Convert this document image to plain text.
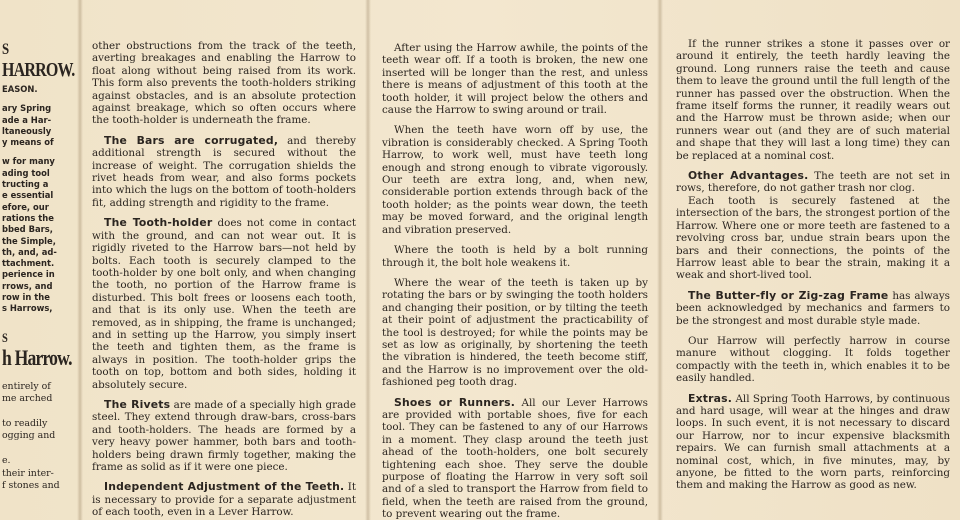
S
HARROW.
EASON.
ary Spring
ade a Har-
ltaneously
y means of
w for many
ading tool
tructing a
e essential
efore, our
rations the
bbed Bars,
the Simple,
th, and, ad-
ttachment.
perience in
rrows, and
row in the
s Harrows,
S
h Harrow.
entirely of
me arched
to readily
ogging and
e.
their inter-
f stones and

other obstructions from the track of the teeth, averting breakages and enabling the Harrow to float along without being raised from its work. This form also prevents the tooth-holders striking against obstacles, and is an absolute protection against breakage, which so often occurs where the tooth-holder is underneath the frame.

The Bars are corrugated, and thereby additional strength is secured without the increase of weight. The corrugation shields the rivet heads from wear, and also forms pockets into which the lugs on the bottom of tooth-holders fit, adding strength and rigidity to the frame.

The Tooth-holder does not come in contact with the ground, and can not wear out. It is rigidly riveted to the Harrow bars—not held by bolts. Each tooth is securely clamped to the tooth-holder by one bolt only, and when changing the tooth, no portion of the Harrow frame is disturbed. This bolt frees or loosens each tooth, and that is its only use. When the teeth are removed, as in shipping, the frame is unchanged; and in setting up the Harrow, you simply insert the teeth and tighten them, as the frame is always in position. The tooth-holder grips the tooth on top, bottom and both sides, holding it absolutely secure.

The Rivets are made of a specially high grade steel. They extend through draw-bars, cross-bars and tooth-holders. The heads are formed by a very heavy power hammer, both bars and tooth-holders being drawn firmly together, making the frame as solid as if it were one piece.

Independent Adjustment of the Teeth. It is necessary to provide for a separate adjustment of each tooth, even in a Lever Harrow.

After using the Harrow awhile, the points of the teeth wear off. If a tooth is broken, the new one inserted will be longer than the rest, and unless there is means of adjustment of this tooth at the tooth holder, it will project below the others and cause the Harrow to swing around or trail.

When the teeth have worn off by use, the vibration is considerably checked. A Spring Tooth Harrow, to work well, must have teeth long enough and strong enough to vibrate vigorously. Our teeth are extra long, and, when new, considerable portion extends through back of the tooth holder; as the points wear down, the teeth may be moved forward, and the original length and vibration preserved.

Where the tooth is held by a bolt running through it, the bolt hole weakens it.

Where the wear of the teeth is taken up by rotating the bars or by swinging the tooth holders and changing their position, or by tilting the teeth at their point of adjustment the practicability of the tool is destroyed; for while the points may be set as low as originally, by shortening the teeth the vibration is hindered, the teeth become stiff, and the Harrow is no improvement over the old-fashioned peg tooth drag.

Shoes or Runners. All our Lever Harrows are provided with portable shoes, five for each tool. They can be fastened to any of our Harrows in a moment. They clasp around the teeth just ahead of the tooth-holders, one bolt securely tightening each shoe. They serve the double purpose of floating the Harrow in very soft soil and of a sled to transport the Harrow from field to field, when the teeth are raised from the ground, to prevent wearing out the frame.

If the runner strikes a stone it passes over or around it entirely, the teeth hardly leaving the ground. Long runners raise the teeth and cause them to leave the ground until the full length of the runner has passed over the obstruction. When the frame itself forms the runner, it readily wears out and the Harrow must be thrown aside; when our runners wear out (and they are of such material and shape that they will last a long time) they can be replaced at a nominal cost.

Other Advantages. The teeth are not set in rows, therefore, do not gather trash nor clog.

Each tooth is securely fastened at the intersection of the bars, the strongest portion of the Harrow. Where one or more teeth are fastened to a revolving cross bar, undue strain bears upon the bars and their connections, the points of the Harrow least able to bear the strain, making it a weak and short-lived tool.

The Butter-fly or Zig-zag Frame has always been acknowledged by mechanics and farmers to be the strongest and most durable style made.

Our Harrow will perfectly harrow in course manure without clogging. It folds together compactly with the teeth in, which enables it to be easily handled.

Extras. All Spring Tooth Harrows, by continuous and hard usage, will wear at the hinges and draw loops. In such event, it is not necessary to discard our Harrow, nor to incur expensive blacksmith repairs. We can furnish small attachments at a nominal cost, which, in five minutes, may, by anyone, be fitted to the worn parts, reinforcing them and making the Harrow as good as new.
